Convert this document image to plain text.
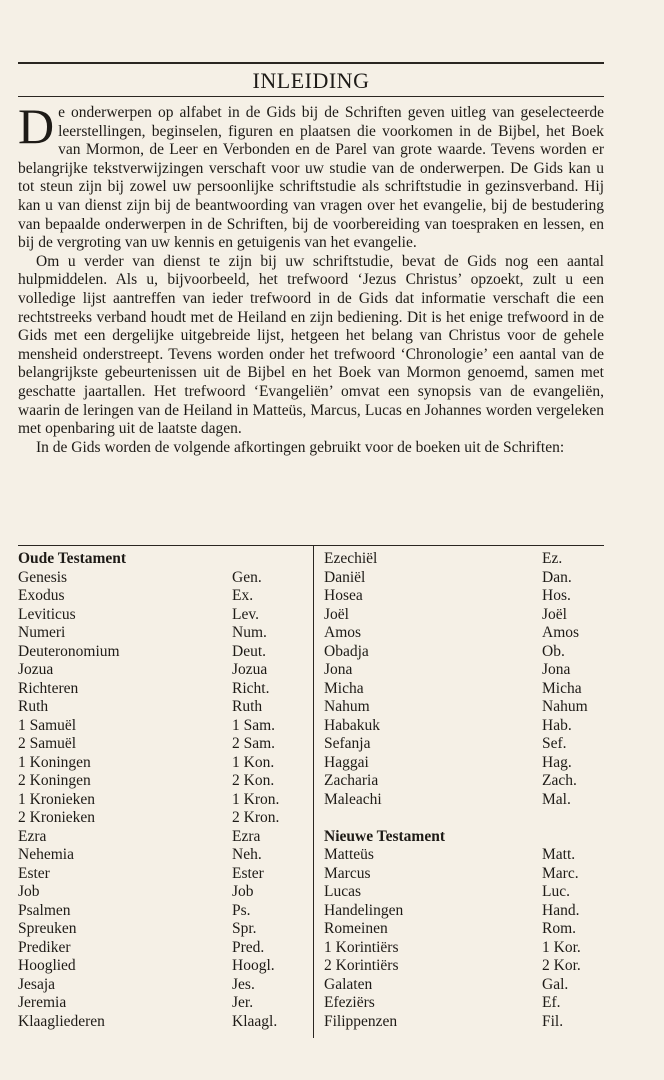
INLEIDING

De onderwerpen op alfabet in de Gids bij de Schriften geven uitleg van geselecteerde leerstellingen, beginselen, figuren en plaatsen die voorkomen in de Bijbel, het Boek van Mormon, de Leer en Verbonden en de Parel van grote waarde. Tevens worden er belangrijke tekstverwijzingen verschaft voor uw studie van de onderwerpen. De Gids kan u tot steun zijn bij zowel uw persoonlijke schriftstudie als schriftstudie in gezinsverband. Hij kan u van dienst zijn bij de beantwoording van vragen over het evangelie, bij de bestudering van bepaalde onderwerpen in de Schriften, bij de voorbereiding van toespraken en lessen, en bij de vergroting van uw kennis en getuigenis van het evangelie.

Om u verder van dienst te zijn bij uw schriftstudie, bevat de Gids nog een aantal hulpmiddelen. Als u, bijvoorbeeld, het trefwoord ‘Jezus Christus’ opzoekt, zult u een volledige lijst aantreffen van ieder trefwoord in de Gids dat informatie verschaft die een rechtstreeks verband houdt met de Heiland en zijn bediening. Dit is het enige trefwoord in de Gids met een dergelijke uitgebreide lijst, hetgeen het belang van Christus voor de gehele mensheid onderstreept. Tevens worden onder het trefwoord ‘Chronologie’ een aantal van de belangrijkste gebeurtenissen uit de Bijbel en het Boek van Mormon genoemd, samen met geschatte jaartallen. Het trefwoord ‘Evangeliën’ omvat een synopsis van de evangeliën, waarin de leringen van de Heiland in Matteüs, Marcus, Lucas en Johannes worden vergeleken met openbaring uit de laatste dagen.

In de Gids worden de volgende afkortingen gebruikt voor de boeken uit de Schriften:

Oude Testament
Genesis	Gen.
Exodus	Ex.
Leviticus	Lev.
Numeri	Num.
Deuteronomium	Deut.
Jozua	Jozua
Richteren	Richt.
Ruth	Ruth
1 Samuël	1 Sam.
2 Samuël	2 Sam.
1 Koningen	1 Kon.
2 Koningen	2 Kon.
1 Kronieken	1 Kron.
2 Kronieken	2 Kron.
Ezra	Ezra
Nehemia	Neh.
Ester	Ester
Job	Job
Psalmen	Ps.
Spreuken	Spr.
Prediker	Pred.
Hooglied	Hoogl.
Jesaja	Jes.
Jeremia	Jer.
Klaagliederen	Klaagl.
Ezechiël	Ez.
Daniël	Dan.
Hosea	Hos.
Joël	Joël
Amos	Amos
Obadja	Ob.
Jona	Jona
Micha	Micha
Nahum	Nahum
Habakuk	Hab.
Sefanja	Sef.
Haggai	Hag.
Zacharia	Zach.
Maleachi	Mal.
Nieuwe Testament
Matteüs	Matt.
Marcus	Marc.
Lucas	Luc.
Handelingen	Hand.
Romeinen	Rom.
1 Korintiërs	1 Kor.
2 Korintiërs	2 Kor.
Galaten	Gal.
Efeziërs	Ef.
Filippenzen	Fil.
